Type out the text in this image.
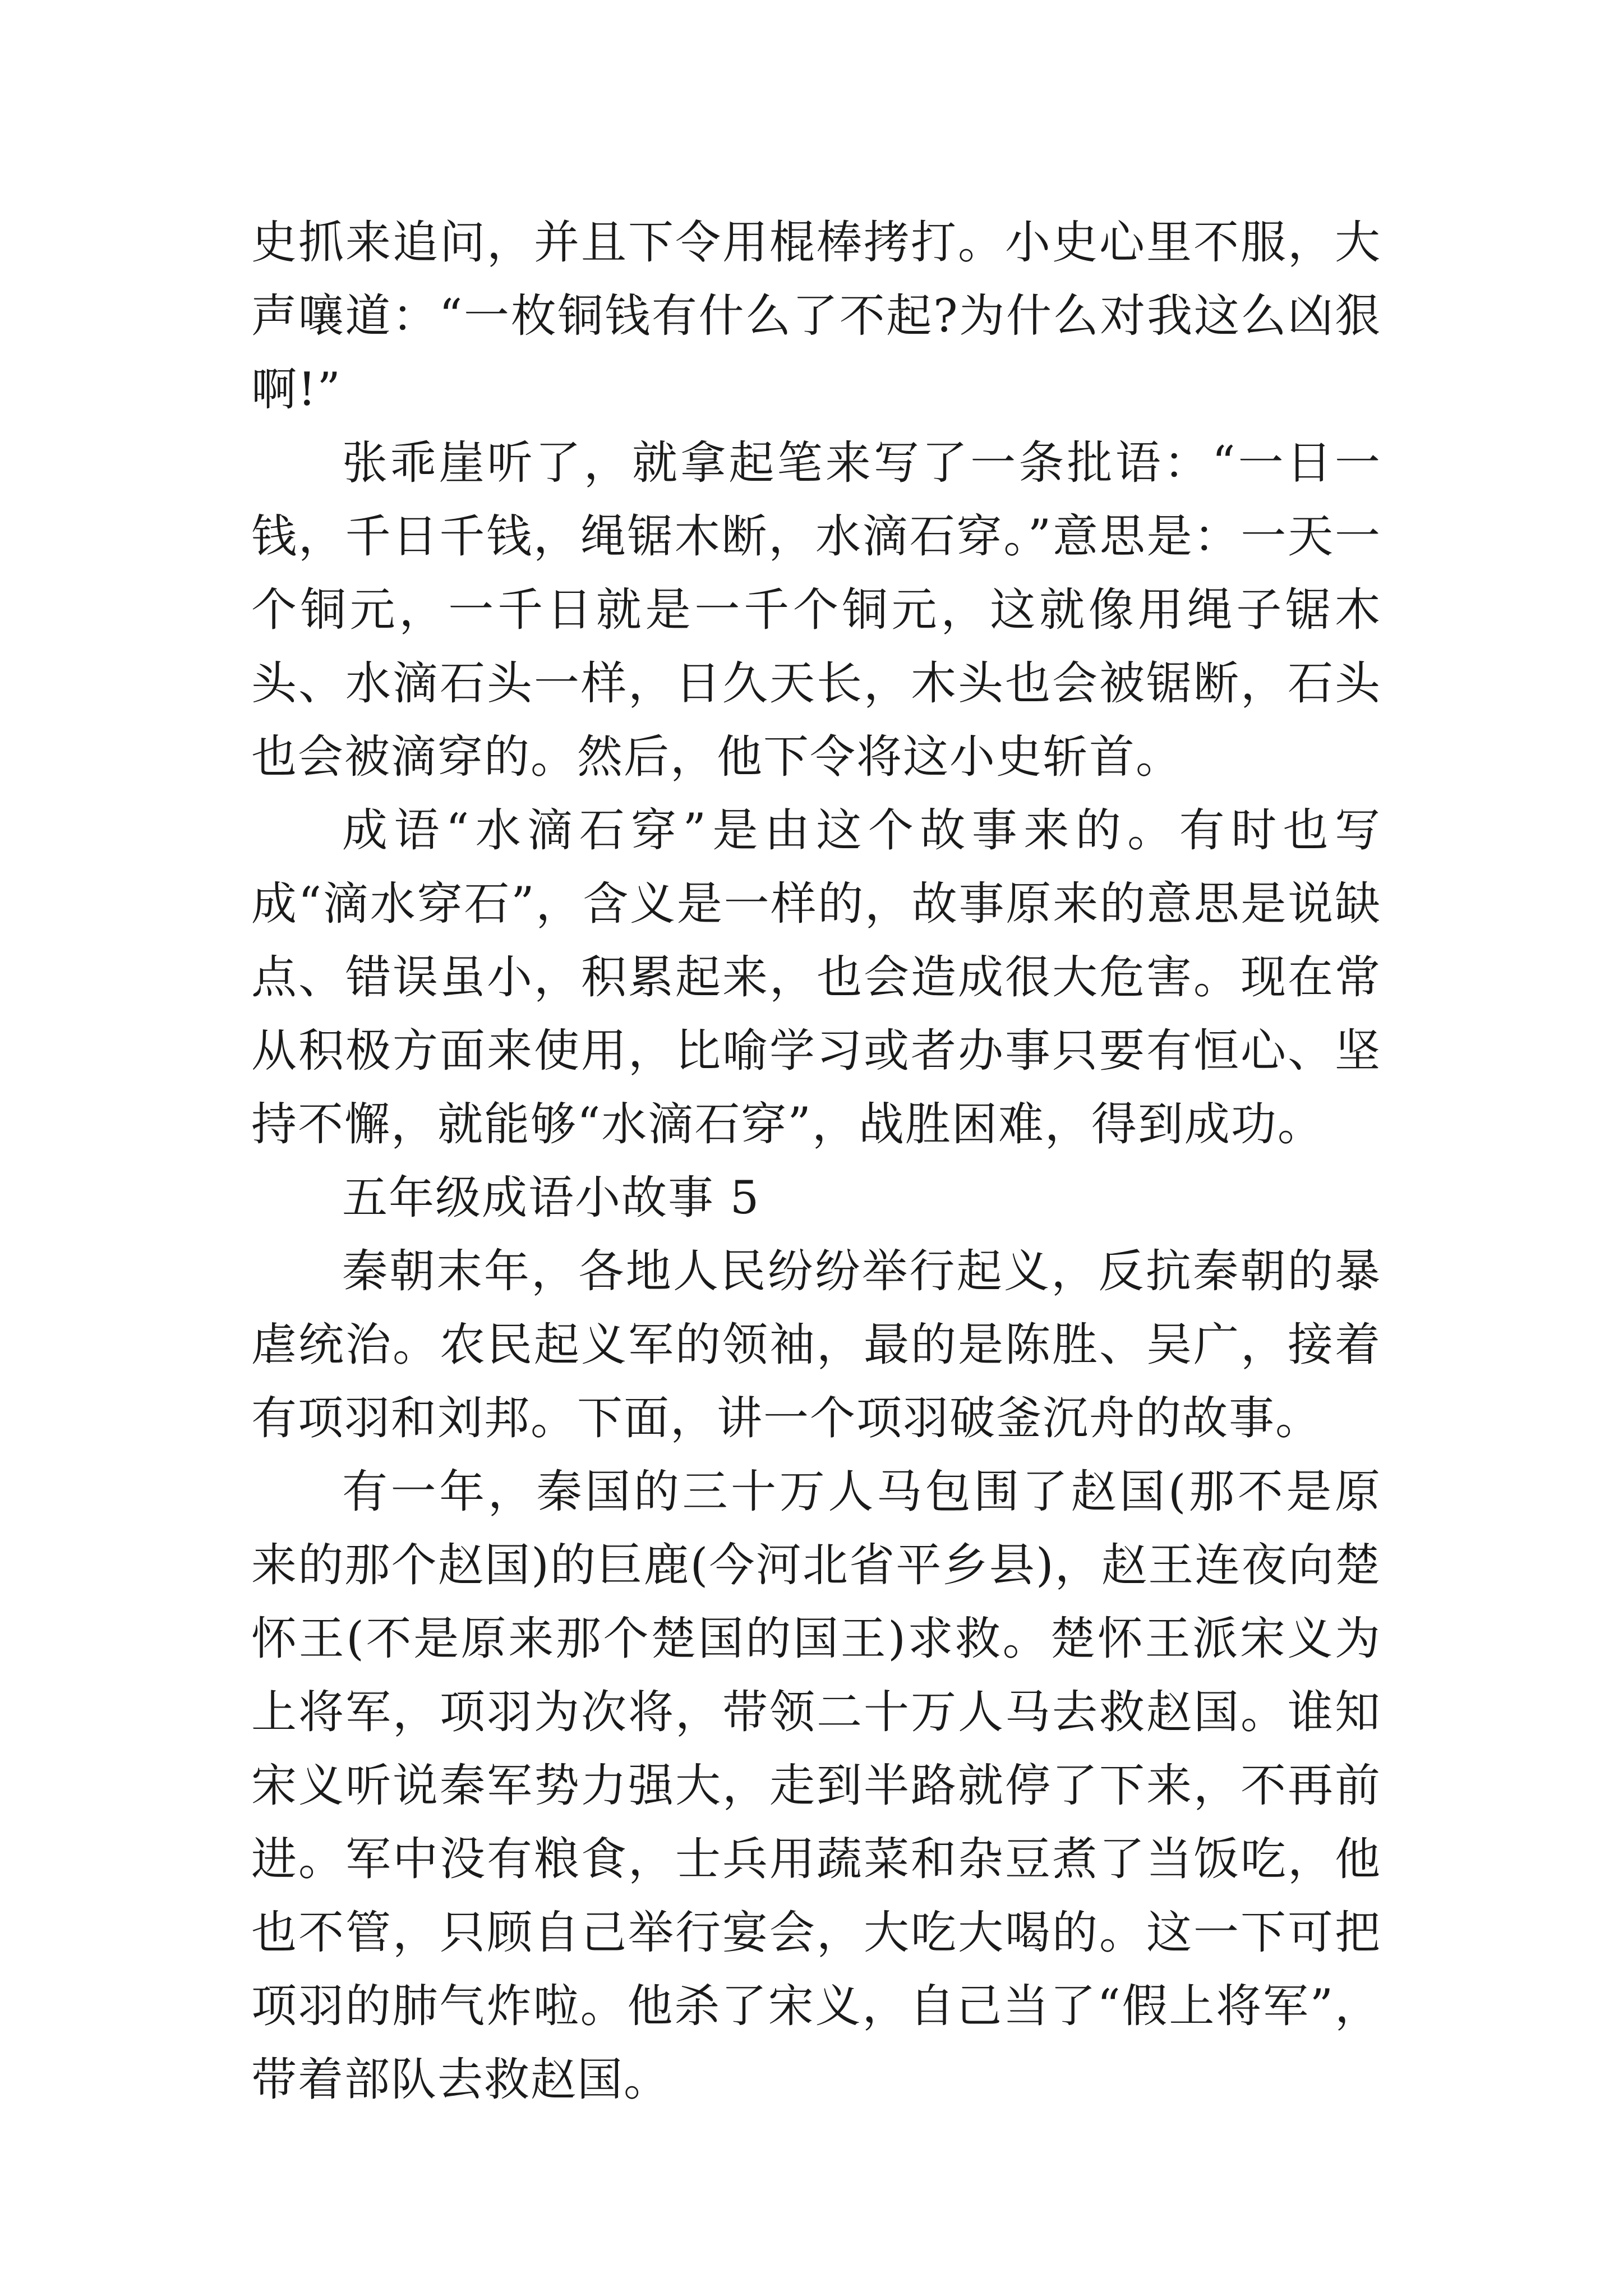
史抓来追问，并且下令用棍棒拷打。小史心里不服，大声嚷道：“一枚铜钱有什么了不起?为什么对我这么凶狠啊!”

张乖崖听了，就拿起笔来写了一条批语：“一日一钱，千日千钱，绳锯木断，水滴石穿。”意思是：一天一个铜元，一千日就是一千个铜元，这就像用绳子锯木头、水滴石头一样，日久天长，木头也会被锯断，石头也会被滴穿的。然后，他下令将这小史斩首。

成语“水滴石穿”是由这个故事来的。有时也写成“滴水穿石”，含义是一样的，故事原来的意思是说缺点、错误虽小，积累起来，也会造成很大危害。现在常从积极方面来使用，比喻学习或者办事只要有恒心、坚持不懈，就能够“水滴石穿”，战胜困难，得到成功。

五年级成语小故事 5

秦朝末年，各地人民纷纷举行起义，反抗秦朝的暴虐统治。农民起义军的领袖，最的是陈胜、吴广，接着有项羽和刘邦。下面，讲一个项羽破釜沉舟的故事。

有一年，秦国的三十万人马包围了赵国(那不是原来的那个赵国)的巨鹿(今河北省平乡县)，赵王连夜向楚怀王(不是原来那个楚国的国王)求救。楚怀王派宋义为上将军，项羽为次将，带领二十万人马去救赵国。谁知宋义听说秦军势力强大，走到半路就停了下来，不再前进。军中没有粮食，士兵用蔬菜和杂豆煮了当饭吃，他也不管，只顾自己举行宴会，大吃大喝的。这一下可把项羽的肺气炸啦。他杀了宋义，自己当了“假上将军”，带着部队去救赵国。
